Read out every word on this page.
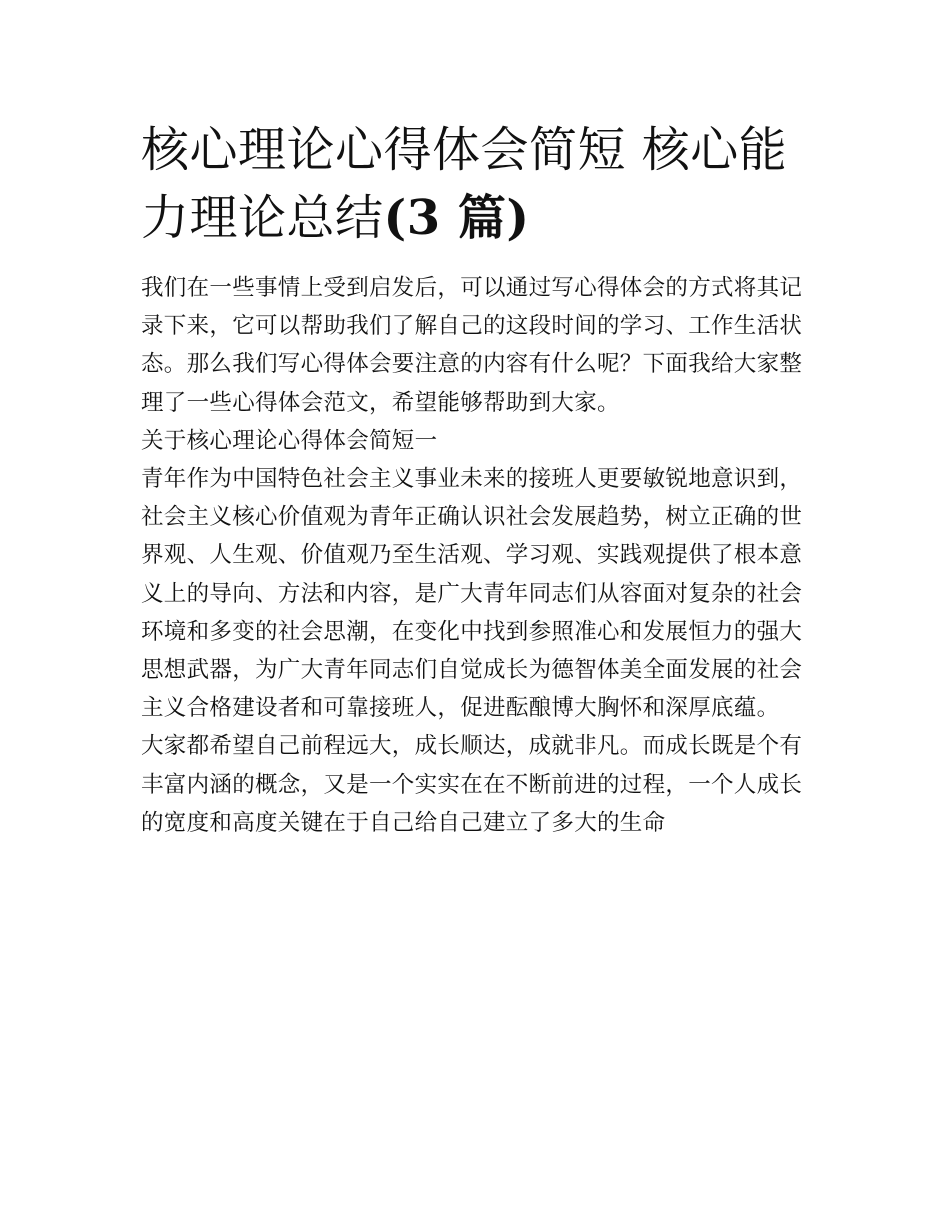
核心理论心得体会简短 核心能力理论总结(3 篇)

我们在一些事情上受到启发后，可以通过写心得体会的方式将其记录下来，它可以帮助我们了解自己的这段时间的学习、工作生活状态。那么我们写心得体会要注意的内容有什么呢？下面我给大家整理了一些心得体会范文，希望能够帮助到大家。

关于核心理论心得体会简短一

青年作为中国特色社会主义事业未来的接班人更要敏锐地意识到，社会主义核心价值观为青年正确认识社会发展趋势，树立正确的世界观、人生观、价值观乃至生活观、学习观、实践观提供了根本意义上的导向、方法和内容，是广大青年同志们从容面对复杂的社会环境和多变的社会思潮，在变化中找到参照准心和发展恒力的强大思想武器，为广大青年同志们自觉成长为德智体美全面发展的社会主义合格建设者和可靠接班人，促进酝酿博大胸怀和深厚底蕴。

大家都希望自己前程远大，成长顺达，成就非凡。而成长既是个有丰富内涵的概念，又是一个实实在在不断前进的过程，一个人成长的宽度和高度关键在于自己给自己建立了多大的生命
